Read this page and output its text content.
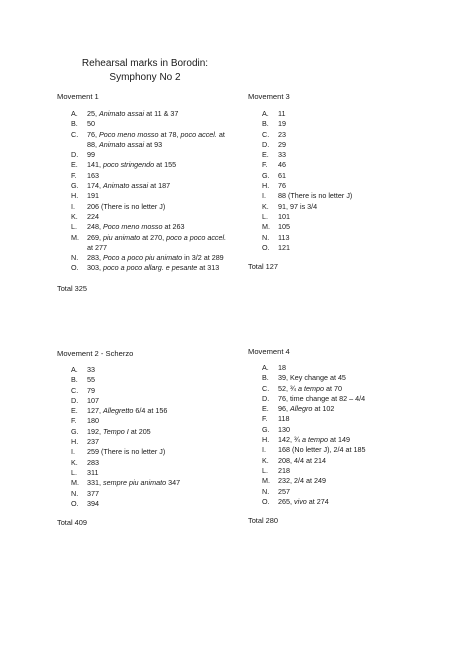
Rehearsal marks in Borodin:
Symphony No 2
Movement 1
A.	25, Animato assai at 11 & 37
B.	50
C.	76, Poco meno mosso at 78, poco accel. at 88, Animato assai at 93
D.	99
E.	141, poco stringendo at 155
F.	163
G.	174, Animato assai at 187
H.	191
I.	206 (There is no letter J)
K.	224
L.	248, Poco meno mosso at 263
M.	269, piu animato at 270, poco a poco accel. at 277
N.	283, Poco a poco piu animato in 3/2 at 289
O.	303, poco a poco allarg. e pesante at 313
Total 325
Movement 3
A.	11
B.	19
C.	23
D.	29
E.	33
F.	46
G.	61
H.	76
I.	88 (There is no letter J)
K.	91, 97 is 3/4
L.	101
M.	105
N.	113
O.	121
Total 127
Movement 2 - Scherzo
A.	33
B.	55
C.	79
D.	107
E.	127, Allegretto 6/4 at 156
F.	180
G.	192, Tempo I at 205
H.	237
I.	259 (There is no letter J)
K.	283
L.	311
M.	331, sempre piu animato 347
N.	377
O.	394
Total 409
Movement 4
A.	18
B.	39, Key change at 45
C.	52, ¾ a tempo at 70
D.	76, time change at 82 – 4/4
E.	96, Allegro at 102
F.	118
G.	130
H.	142, ¾ a tempo at 149
I.	168 (No letter J), 2/4 at 185
K.	208, 4/4 at 214
L.	218
M.	232, 2/4 at 249
N.	257
O.	265, vivo at 274
Total 280
